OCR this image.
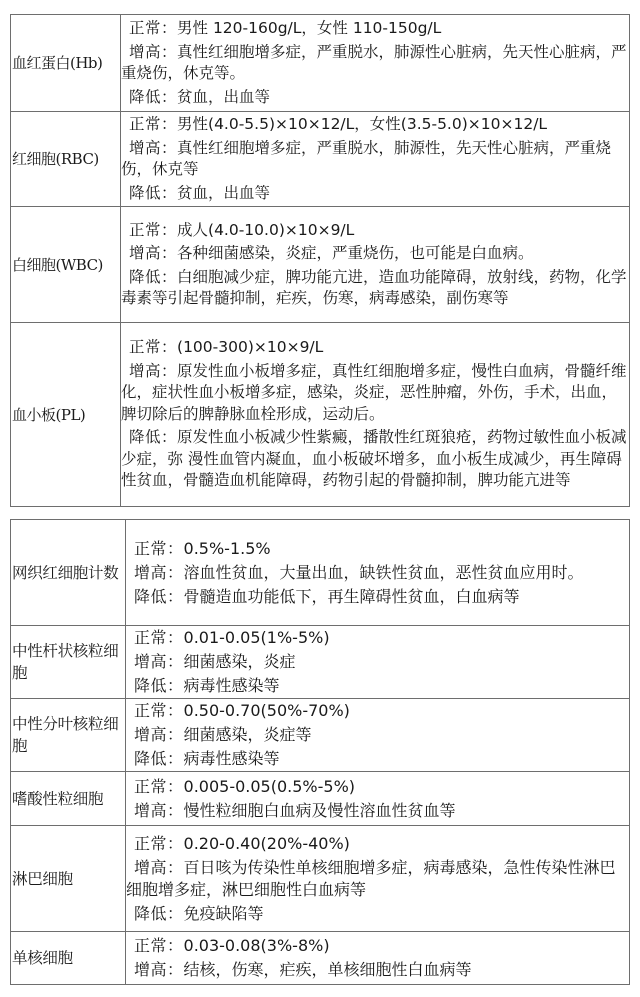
血红蛋白(Hb)	正常：男性 120-160g/L，女性 110-150g/L
增高：真性红细胞增多症，严重脱水，肺源性心脏病，先天性心脏病，严重烧伤，休克等。
降低：贫血，出血等

红细胞(RBC)	正常：男性(4.0-5.5)×10×12/L，女性(3.5-5.0)×10×12/L
增高：真性红细胞增多症，严重脱水，肺源性，先天性心脏病，严重烧伤，休克等
降低：贫血，出血等

白细胞(WBC)	正常：成人(4.0-10.0)×10×9/L
增高：各种细菌感染，炎症，严重烧伤，也可能是白血病。
降低：白细胞减少症，脾功能亢进，造血功能障碍，放射线，药物，化学毒素等引起骨髓抑制，疟疾，伤寒，病毒感染，副伤寒等

血小板(PL)	正常：(100-300)×10×9/L
增高：原发性血小板增多症，真性红细胞增多症，慢性白血病，骨髓纤维化，症状性血小板增多症，感染，炎症，恶性肿瘤，外伤，手术，出血，脾切除后的脾静脉血栓形成，运动后。
降低：原发性血小板减少性紫癜，播散性红斑狼疮，药物过敏性血小板减少症，弥 漫性血管内凝血，血小板破坏增多，血小板生成减少，再生障碍性贫血，骨髓造血机能障碍，药物引起的骨髓抑制，脾功能亢进等
网织红细胞计数	正常：0.5%-1.5%
增高：溶血性贫血，大量出血，缺铁性贫血，恶性贫血应用时。
降低：骨髓造血功能低下，再生障碍性贫血，白血病等

中性杆状核粒细胞	正常：0.01-0.05(1%-5%)
增高：细菌感染，炎症
降低：病毒性感染等

中性分叶核粒细胞	正常：0.50-0.70(50%-70%)
增高：细菌感染，炎症等
降低：病毒性感染等

嗜酸性粒细胞	正常：0.005-0.05(0.5%-5%)
增高：慢性粒细胞白血病及慢性溶血性贫血等

淋巴细胞	正常：0.20-0.40(20%-40%)
增高：百日咳为传染性单核细胞增多症，病毒感染，急性传染性淋巴细胞增多症，淋巴细胞性白血病等
降低：免疫缺陷等

单核细胞	正常：0.03-0.08(3%-8%)
增高：结核，伤寒，疟疾，单核细胞性白血病等
